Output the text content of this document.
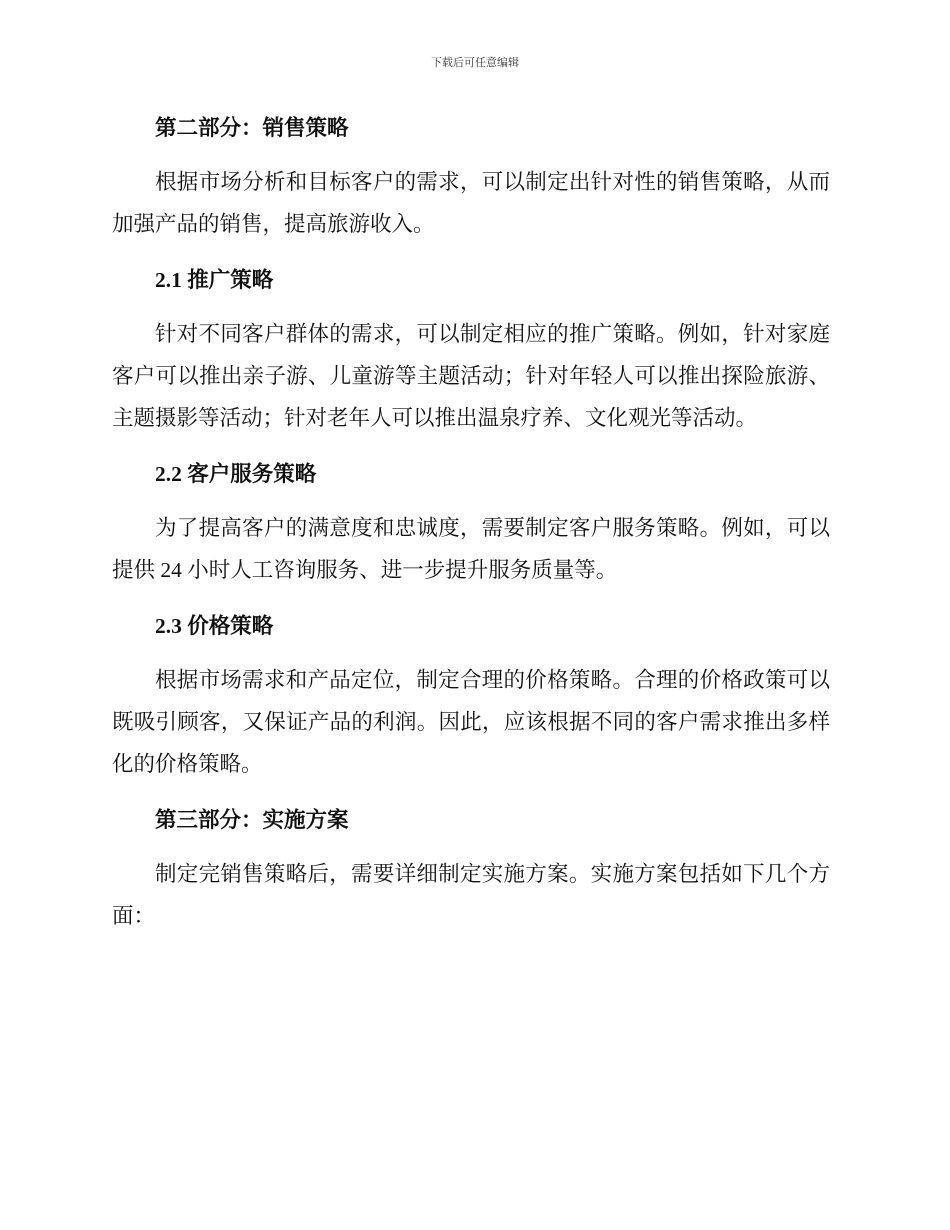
下载后可任意编辑
第二部分：销售策略
根据市场分析和目标客户的需求，可以制定出针对性的销售策略，从而加强产品的销售，提高旅游收入。
2.1 推广策略
针对不同客户群体的需求，可以制定相应的推广策略。例如，针对家庭客户可以推出亲子游、儿童游等主题活动；针对年轻人可以推出探险旅游、主题摄影等活动；针对老年人可以推出温泉疗养、文化观光等活动。
2.2 客户服务策略
为了提高客户的满意度和忠诚度，需要制定客户服务策略。例如，可以提供 24 小时人工咨询服务、进一步提升服务质量等。
2.3 价格策略
根据市场需求和产品定位，制定合理的价格策略。合理的价格政策可以既吸引顾客，又保证产品的利润。因此，应该根据不同的客户需求推出多样化的价格策略。
第三部分：实施方案
制定完销售策略后，需要详细制定实施方案。实施方案包括如下几个方面：
